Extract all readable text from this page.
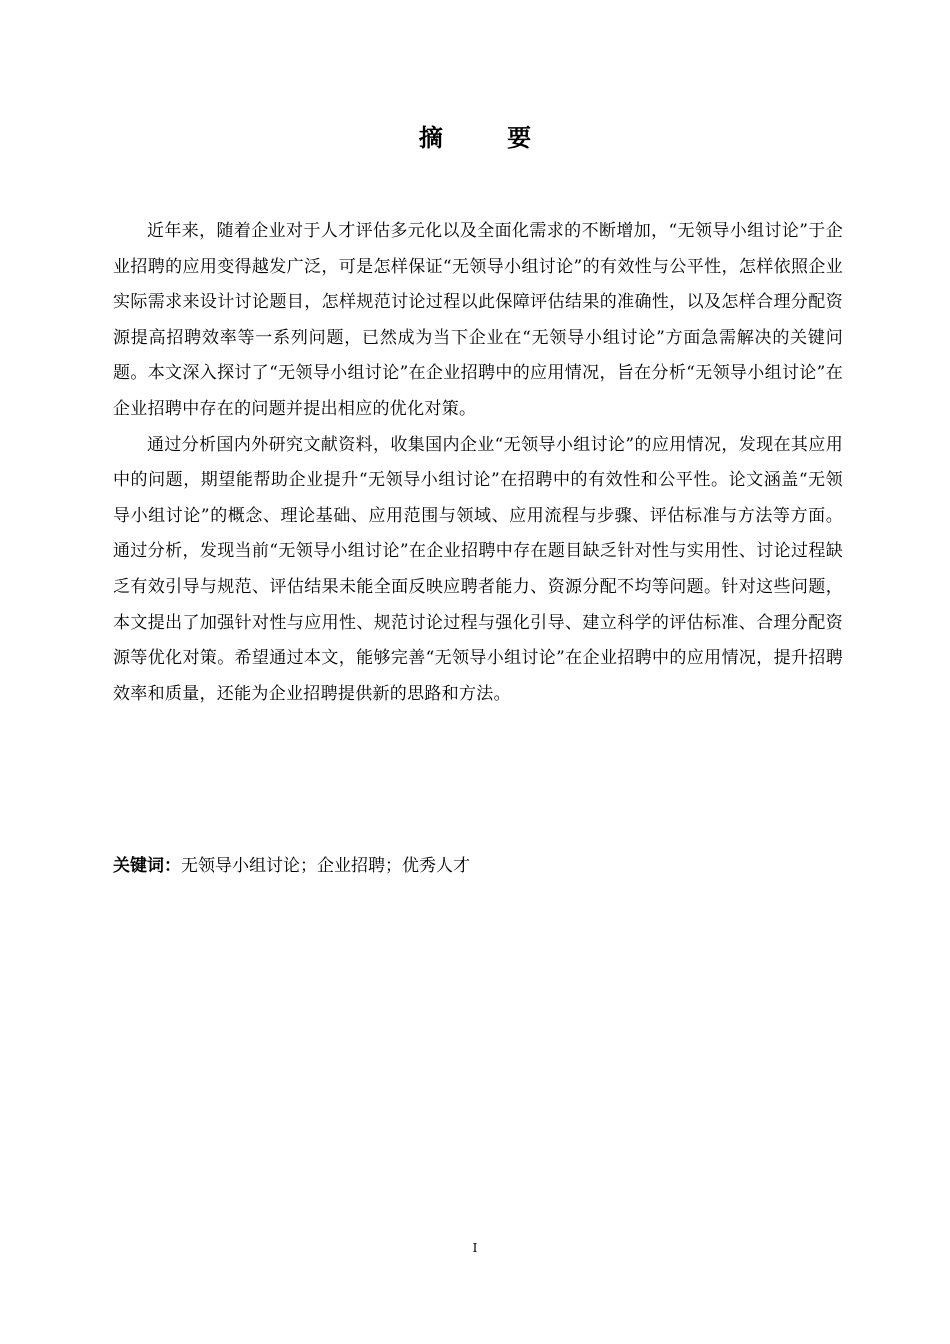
摘 要

近年来，随着企业对于人才评估多元化以及全面化需求的不断增加，“无领导小组讨论”于企业招聘的应用变得越发广泛，可是怎样保证“无领导小组讨论”的有效性与公平性，怎样依照企业实际需求来设计讨论题目，怎样规范讨论过程以此保障评估结果的准确性，以及怎样合理分配资源提高招聘效率等一系列问题，已然成为当下企业在“无领导小组讨论”方面急需解决的关键问题。本文深入探讨了“无领导小组讨论”在企业招聘中的应用情况，旨在分析“无领导小组讨论”在企业招聘中存在的问题并提出相应的优化对策。

通过分析国内外研究文献资料，收集国内企业“无领导小组讨论”的应用情况，发现在其应用中的问题，期望能帮助企业提升“无领导小组讨论”在招聘中的有效性和公平性。论文涵盖“无领导小组讨论”的概念、理论基础、应用范围与领域、应用流程与步骤、评估标准与方法等方面。通过分析，发现当前“无领导小组讨论”在企业招聘中存在题目缺乏针对性与实用性、讨论过程缺乏有效引导与规范、评估结果未能全面反映应聘者能力、资源分配不均等问题。针对这些问题，本文提出了加强针对性与应用性、规范讨论过程与强化引导、建立科学的评估标准、合理分配资源等优化对策。希望通过本文，能够完善“无领导小组讨论”在企业招聘中的应用情况，提升招聘效率和质量，还能为企业招聘提供新的思路和方法。

关键词：无领导小组讨论；企业招聘；优秀人才
I
